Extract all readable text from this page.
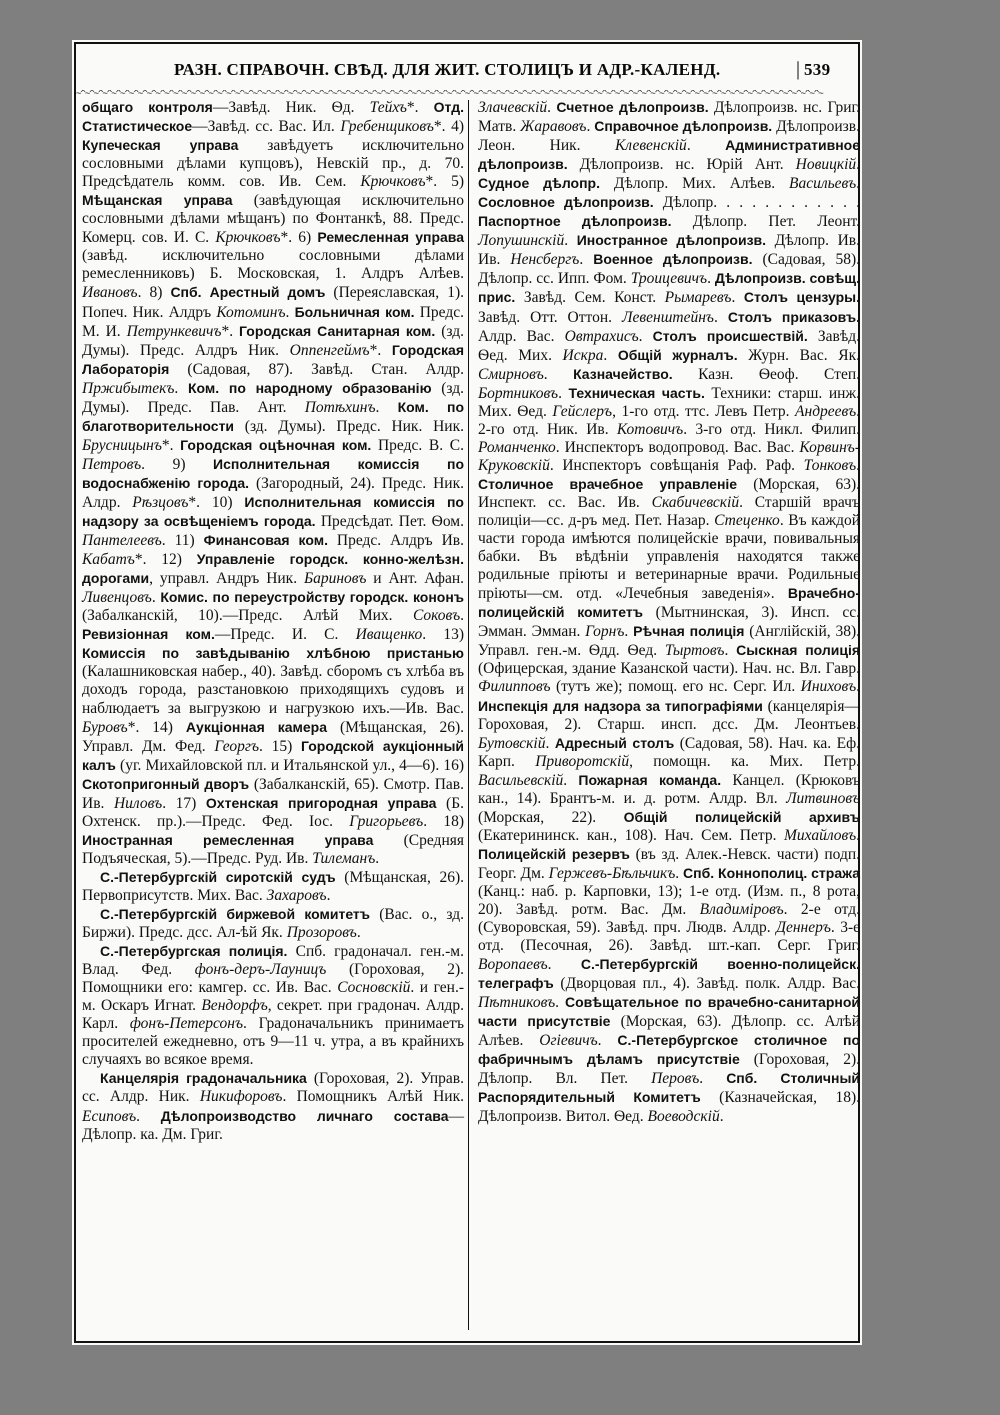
РАЗН. СПРАВОЧН. СВѢД. ДЛЯ ЖИТ. СТОЛИЦЪ И АДР.-КАЛЕНД.	| 539
~^~^~^~^~^~^~^~^~^~^~^~^~^~^~^~^~^~^~^~^~^~^~^~^~^~^~^~^~^~^~^~^~^~^~^~^~^~^~^~^~^~^~^~^~^~^~^~^~^~^~^~^~^~^~^~^~^~^~^~^~^~^~^~^~^~^~^~^~^~^~^~^~^~^~^~^~^~^~^~^~^~^~^~^~

общаго контроля—Завѣд. Ник. Ѳд. Тейхъ*. Отд. Статистическое—Завѣд. сс. Вас. Ил. Гребенщиковъ*. 4) Купеческая управа завѣдуетъ исключительно сословными дѣлами купцовъ), Невскій пр., д. 70. Предсѣдатель комм. сов. Ив. Сем. Крючковъ*. 5) Мѣщанская управа (завѣдующая исключительно сословными дѣлами мѣщанъ) по Фонтанкѣ, 88. Предс. Комерц. сов. И. С. Крючковъ*. 6) Ремесленная управа (завѣд. исключительно сословными дѣлами ремесленниковъ) Б. Московская, 1. Алдръ Алѣев. Ивановъ. 8) Спб. Арестный домъ (Переяславская, 1). Попеч. Ник. Алдръ Котоминъ. Больничная ком. Предс. М. И. Петрункевичъ*. Городская Санитарная ком. (зд. Думы). Предс. Алдръ Ник. Оппенгеймъ*. Городская Лабораторія (Садовая, 87). Завѣд. Стан. Алдр. Пржибытекъ. Ком. по народному образованію (зд. Думы). Предс. Пав. Ант. Потѣхинъ. Ком. по благотворительности (зд. Думы). Предс. Ник. Ник. Брусницынъ*. Городская оцѣночная ком. Предс. В. С. Петровъ. 9) Исполнительная комиссія по водоснабженію города. (Загородный, 24). Предс. Ник. Алдр. Рѣзцовъ*. 10) Исполнительная комиссія по надзору за освѣщеніемъ города. Предсѣдат. Пет. Ѳом. Пантелеевъ. 11) Финансовая ком. Предс. Алдръ Ив. Кабатъ*. 12) Управленіе городск. конно-желѣзн. дорогами, управл. Андръ Ник. Бариновъ и Ант. Афан. Ливенцовъ. Комис. по переустройству городск. кононъ (Забалканскій, 10).—Предс. Алѣй Мих. Соковъ. Ревизіонная ком.—Предс. И. С. Иващенко. 13) Комиссія по завѣдыванію хлѣбною пристанью (Калашниковская набер., 40). Завѣд. сборомъ съ хлѣба въ доходъ города, разстановкою приходящихъ судовъ и наблюдаетъ за выгрузкою и нагрузкою ихъ.—Ив. Вас. Буровъ*. 14) Аукціонная камера (Мѣщанская, 26). Управл. Дм. Фед. Георгъ. 15) Городской аукціонный калъ (уг. Михайловской пл. и Итальянской ул., 4—6). 16) Скотопригонный дворъ (Забалканскій, 65). Смотр. Пав. Ив. Ниловъ. 17) Охтенская пригородная управа (Б. Охтенск. пр.).—Предс. Фед. Іос. Григорьевъ. 18) Иностранная ремесленная управа (Средняя Подъяческая, 5).—Предс. Руд. Ив. Тилеманъ.

С.-Петербургскій сиротскій судъ (Мѣщанская, 26). Первоприсутств. Мих. Вас. Захаровъ.

С.-Петербургскій биржевой комитетъ (Вас. о., зд. Биржи). Предс. дсс. Ал-ѣй Як. Прозоровъ.

С.-Петербургская полиція. Спб. градоначал. ген.-м. Влад. Фед. фонъ-деръ-Лауницъ (Гороховая, 2). Помощники его: камгер. сс. Ив. Вас. Сосновскій. и ген.-м. Оскаръ Игнат. Вендорфъ, секрет. при градонач. Алдр. Карл. фонъ-Петерсонъ. Градоначальникъ принимаетъ просителей ежедневно, отъ 9—11 ч. утра, а въ крайнихъ случаяхъ во всякое время.

Канцелярія градоначальника (Гороховая, 2). Управ. сс. Алдр. Ник. Никифоровъ. Помощникъ Алѣй Ник. Есиповъ. Дѣлопроизводство личнаго состава—Дѣлопр. ка. Дм. Григ.

Злачевскій. Счетное дѣлопроизв. Дѣлопроизв. нс. Григ. Матв. Жаравовъ. Справочное дѣлопроизв. Дѣлопроизв. Леон. Ник. Клевенскій. Административное дѣлопроизв. Дѣлопроизв. нс. Юрій Ант. Новицкій. Судное дѣлопр. Дѣлопр. Мих. Алѣев. Васильевъ. Сословное дѣлопроизв. Дѣлопр. . . . . . . . . . . . Паспортное дѣлопроизв. Дѣлопр. Пет. Леонт. Лопушинскій. Иностранное дѣлопроизв. Дѣлопр. Ив. Ив. Ненсбергъ. Военное дѣлопроизв. (Садовая, 58). Дѣлопр. сс. Ипп. Фом. Троицевичъ. Дѣлопроизв. совѣщ. прис. Завѣд. Сем. Конст. Рымаревъ. Столъ цензуры. Завѣд. Отт. Оттон. Левенштейнъ. Столъ приказовъ. Алдр. Вас. Овтрахисъ. Столъ происшествій. Завѣд. Ѳед. Мих. Искра. Общій журналъ. Журн. Вас. Як. Смирновъ. Казначейство. Казн. Ѳеоф. Степ. Бортниковъ. Техническая часть. Техники: старш. инж. Мих. Ѳед. Гейслеръ, 1-го отд. ттс. Левъ Петр. Андреевъ. 2-го отд. Ник. Ив. Котовичъ. 3-го отд. Никл. Филип. Романченко. Инспекторъ водопровод. Вас. Вас. Корвинъ-Круковскій. Инспекторъ совѣщанія Раф. Раф. Тонковъ. Столичное врачебное управленіе (Морская, 63). Инспект. сс. Вас. Ив. Скабичевскій. Старшій врачъ полиціи—сс. д-ръ мед. Пет. Назар. Стеценко. Въ каждой части города имѣются полицейскіе врачи, повивальныя бабки. Въ вѣдѣніи управленія находятся также родильные пріюты и ветеринарные врачи. Родильные пріюты—см. отд. «Лечебныя заведенія». Врачебно-полицейскій комитетъ (Мытнинская, 3). Инсп. сс. Эмман. Эмман. Горнъ. Рѣчная полиція (Англійскій, 38). Управл. ген.-м. Ѳдд. Ѳед. Тыртовъ. Сыскная полиція (Офицерская, здание Казанской части). Нач. нс. Вл. Гавр. Филипповъ (тутъ же); помощ. его нс. Серг. Ил. Иниховъ. Инспекція для надзора за типографіями (канцелярія—Гороховая, 2). Старш. инсп. дсс. Дм. Леонтьев. Бутовскій. Адресный столъ (Садовая, 58). Нач. ка. Еф. Карп. Приворотскій, помощн. ка. Мих. Петр. Васильевскій. Пожарная команда. Канцел. (Крюковъ кан., 14). Брантъ-м. и. д. ротм. Алдр. Вл. Литвиновъ (Морская, 22). Общій полицейскій архивъ (Екатерининск. кан., 108). Нач. Сем. Петр. Михайловъ. Полицейскій резервъ (въ зд. Алек.-Невск. части) подп. Георг. Дм. Гержевъ-Бѣльчикъ. Спб. Коннополиц. стража (Канц.: наб. р. Карповки, 13); 1-е отд. (Изм. п., 8 рота, 20). Завѣд. ротм. Вас. Дм. Владиміровъ. 2-е отд. (Суворовская, 59). Завѣд. прч. Людв. Алдр. Деннеръ. 3-е отд. (Песочная, 26). Завѣд. шт.-кап. Серг. Григ. Воропаевъ. С.-Петербургскій военно-полицейск. телеграфъ (Дворцовая пл., 4). Завѣд. полк. Алдр. Вас. Пѣтниковъ. Совѣщательное по врачебно-санитарной части присутствіе (Морская, 63). Дѣлопр. сс. Алѣй Алѣев. Огіевичъ. С.-Петербургское столичное по фабричнымъ дѣламъ присутствіе (Гороховая, 2). Дѣлопр. Вл. Пет. Перовъ. Спб. Столичный Распорядительный Комитетъ (Казначейская, 18). Дѣлопроизв. Витол. Ѳед. Воеводскій.
